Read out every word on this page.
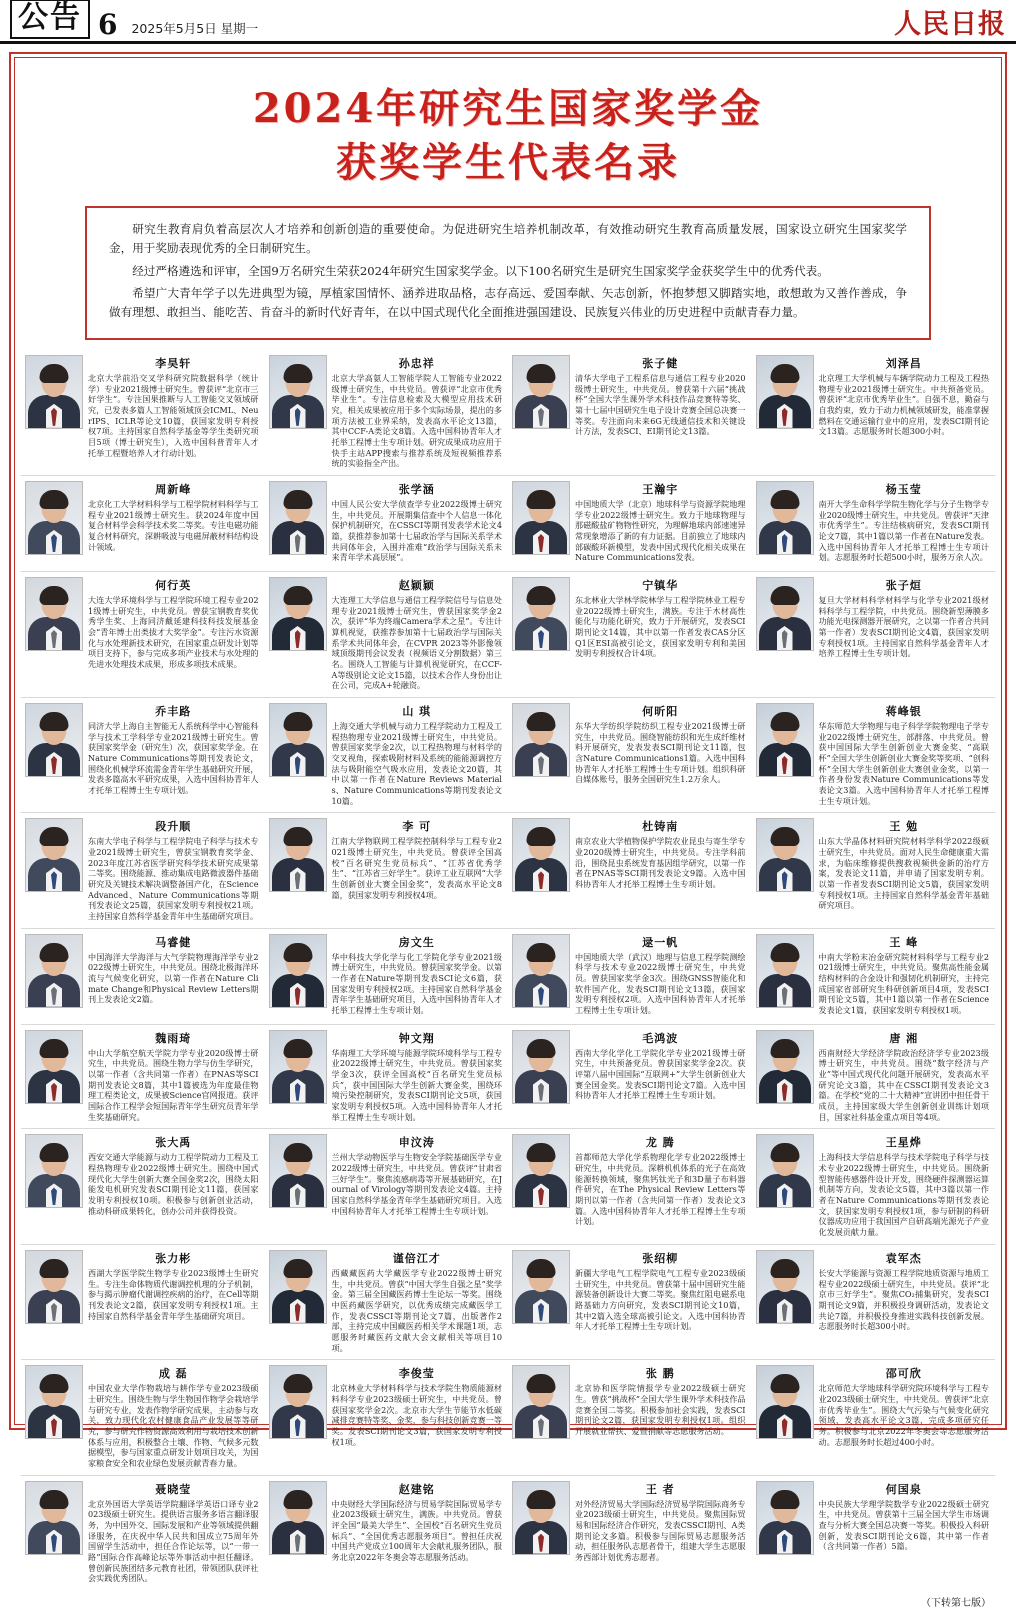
公告 6 2025年5月5日 星期一	人民日报
2024年研究生国家奖学金
获奖学生代表名录

研究生教育肩负着高层次人才培养和创新创造的重要使命。为促进研究生培养机制改革，有效推动研究生教育高质量发展，国家设立研究生国家奖学金，用于奖励表现优秀的全日制研究生。

经过严格遴选和评审，全国9万名研究生荣获2024年研究生国家奖学金。以下100名研究生是研究生国家奖学金获奖学生中的优秀代表。

希望广大青年学子以先进典型为镜，厚植家国情怀、涵养进取品格，志存高远、爱国奉献、矢志创新，怀抱梦想又脚踏实地，敢想敢为又善作善成，争做有理想、敢担当、能吃苦、肯奋斗的新时代好青年，在以中国式现代化全面推进强国建设、民族复兴伟业的历史进程中贡献青春力量。

李昊轩
北京大学前沿交叉学科研究院数据科学（统计学）专业2021级博士研究生。曾获评“北京市三好学生”。专注国果推断与人工智能交叉领域研究，已发表多篇人工智能领域顶会ICML、NeurIPS、ICLR等论文10篇，获国家发明专利授权7项。主持国家自然科学基金等学生类研究项目5项（博士研究生），入选中国科普青年人才托举工程暨培养人才行动计划。
孙忠祥
北京大学高氨人工智能学院人工智能专业2022级博士研究生，中共党员。曾获评“北京市优秀毕业生”。专注信息检索及大模型应用技术研究，相关成果被应用于多个实际场景，提出的多项方法被工业界采纳，发表高水平论文13篇，其中CCF-A类论文8篇。入选中国科协青年人才托举工程博士生专项计划。研究成果成功应用于快手主站APP搜索与推荐系统及短视频推荐系统的实验指全产出。
张子健
清华大学电子工程系信息与通信工程专业2020级博士研究生，中共党员。曾获第十六届“挑战杯”全国大学生课外学术科技作品竞赛特等奖、第十七届中国研究生电子设计竞赛全国总决赛一等奖。专注面向未来6G无线通信技术和关键设计方法，发表SCI、EI期刊论文13篇。
刘泽昌
北京理工大学机械与车辆学院动力工程及工程热物理专业2021级博士研究生。中共预备党员。曾获评“北京市优秀毕业生”。自强不息，勤奋与自我约束，致力于动力机械领域研发，能准掌握燃料在交通运输行业中的应用，发表SCI期刊论文13篇。志愿服务时长超300小时。
周新峰
北京化工大学材料科学与工程学院材料科学与工程专业2021级博士研究生。获2024年度中国复合材料学会科学技术奖二等奖。专注电磁功能复合材料研究，深耕吸波与电磁屏蔽材料结构设计领域。
张学涵
中国人民公安大学侦查学专业2022级博士研究生，中共党员。开展期集信查中个人信息一体化保护机制研究，在CSSCI等期刊发表学术论文4篇，获推荐参加第十七届政治学与国际关系学术共同体年会，入围并准难“政治学与国际关系未来青年学术高层展”。
王瀚宇
中国地质大学（北京）地球科学与资源学院地理学专业2022级博士研究生。致力于地球物理与那磁酸盐矿物物性研究，为理解地球内部速速异常现象增添了新的有力证据。目前独立了地球内部碳酸环新模型，发表中国式现代化相关成果在Nature Communications发表。
杨玉莹
南开大学生命科学学院生物化学与分子生物学专业2020级博士研究生，中共党员。曾获评“天津市优秀学生”。专注结核病研究，发表SCI期刊论文7篇，其中1篇以第一作者在Nature发表。入选中国科协青年人才托举工程博士生专项计划。志愿服务时长超500小时，服务万余人次。
何行英
大连大学环境科学与工程学院环境工程专业2021级博士研究生，中共党员。曾获宝钢教育奖优秀学生奖、上海同济戴延建科技科技发展基金会“青年博士出类拔才大奖学金”。专注污水资源化与水处理新技术研究，在国家重点研发计划等项目支持下，参与完成多项产业技术与水处理的先进水处理技术成果，形成多项技术成果。
赵颖颖
大连理工大学信息与通信工程学院信号与信息处理专业2021级博士研究生，曾获国家奖学金2次，获评“华为终端Camera学术之星”。专注计算机视觉，获推荐参加第十七届政治学与国际关系学术共同体年会，在CVPR 2023等外影像领域顶级期刊会议发表（视频语义分割数据）第三名。围绕人工智能与计算机视觉研究，在CCF-A等级别论文论文15篇，以技术合作人身份出让在公司，完成A+轮融资。
宁镇华
东北林业大学林学院林学与工程学院林业工程专业2022级博士研究生，满族。专注于木材高性能化与功能化研究，致力于开展研究，发表SCI期刊论文14篇，其中以第一作者发表CAS分区Q1区ESI高被引论文，获国家发明专利和美国发明专利授权合计4项。
张子烜
复旦大学材料科学材料学与化学专业2021级材料科学与工程学院，中共党员。围绕新型薄膜多功能光电探测器开展研究，之以第一作者合共同第一作者）发表SCI期刊论文4篇，获国家发明专利授权1项。主持国家自然科学基金青年人才培养工程博士生专项计划。
乔丰路
同济大学上海自主智能无人系统科学中心智能科学与技术工学科学专业2021级博士研究生。曾获国家奖学金（研究生）次，获国家奖学金。在Nature Communications等期刊发表论文，围绕化机械学环流需金青年学生基础研究开展，发表多篇高水平研究成果，入选中国科协青年人才托举工程博士生专项计划。
山 琪
上海交通大学机械与动力工程学院动力工程及工程热物理专业2021级博士研究生，中共党员。曾获国家奖学金2次，以工程热物理与材料学的交叉视角，探索吸附材料及系统的能能源调控方法与吸附能空气吸水应用，发表论文20篇，其中以第一作者在Nature Reviews Materials、Nature Communications等期刊发表论文10篇。
何昕阳
东华大学纺织学院纺织工程专业2021级博士研究生，中共党员。围绕智能纺织和光生成纤维材料开展研究，发表发表SCI期刊论文11篇，包含Nature Communications1篇。入选中国科协青年人才托举工程博士生专项计划。组织科研自媒体账号，服务全国研究生1.2万余人。
蒋峰银
华东师范大学物理与电子科学学院物理电子学专业2022级博士研究生，部群落、中共党员。曾获中国国际大学生创新创业大赛金奖、“高联杯”全国大学生创新创业大赛金奖等奖项、“创科杯”全国大学生创新创业大赛创业金奖，以第一作者身份发表Nature Communications等发表论文3篇。入选中国科协青年人才托举工程博士生专项计划。
段升顺
东南大学电子科学与工程学院电子科学与技术专业2021级博士研究生，曾获宝钢教育奖学金、2023年度江苏省医学研究科学技术研究成果第二等奖。围绕能源、推动集成电路微波器件基础研究及关键技术解决调整备国产化，在Science Advanced、Nature Communications等期刊发表论文25篇，获国家发明专利授权21项。主持国家自然科学基金青年中生基础研究项目。
李 可
江南大学物联网工程学院控制科学与工程专业2021级博士研究生，中共党员。曾获评全国高校“百名研究生党员标兵”、“江苏省优秀学生”、“江苏省三好学生”。获评工业互联网“大学生创新创业大赛全国金奖”，发表高水平论文8篇，获国家发明专利授权4项。
杜铸南
南京农业大学植物保护学院农业昆虫与寄生学专业2020级博士研究生，中共党员。专注学科前沿，围绕昆虫系统发育基因组学研究，以第一作者在PNAS等SCI期刊发表论文9篇。入选中国科协青年人才托举工程博士生专项计划。
王 勉
山东大学晶体材料研究院材料学科学2022级硕士研究生，中共党员。面对人民生命健康重大需求，为临床维修提供搜救视频供金新的治疗方案，发表论文11篇，并申请了国家发明专利。以第一作者发表SCI期刊论文5篇，获国家发明专利授权1项。主持国家自然科学基金青年基础研究项目。
马睿健
中国海洋大学海洋与大气学院物理海洋学专业2022级博士研究生，中共党员。围绕北极海洋环流与气候变化研究，以第一作者在Nature Climate Change和Physical Review Letters期刊上发表论文2篇。
房文生
华中科技大学化学与化工学院化学专业2021级博士研究生，中共党员。曾获国家奖学金。以第一作者在Nature等期刊发表SCI论文6篇，获国家发明专利授权2项。主持国家自然科学基金青年学生基础研究项目，入选中国科协青年人才托举工程博士生专项计划。
逯一帆
中国地质大学（武汉）地理与信息工程学院测绘科学与技术专业2022级博士研究生，中共党员。曾获国家奖学金3次。围绕GNSS智能化和软件国产化，发表SCI期刊论文13篇，获国家发明专利授权2项。入选中国科协青年人才托举工程博士生专项计划。
王 峰
中南大学粉末冶金研究院材料科学与工程专业2021级博士研究生，中共党员。聚焦高性能金属结构材料的合金设计和强韧化机制研究，主持完成国家省部研究生科研创新项目4项，发表SCI期刊论文5篇，其中1篇以第一作者在Science发表论文1篇，获国家发明专利授权1项。
魏雨琦
中山大学航空航天学院力学专业2020级博士研究生，中共党员。围绕生物力学与仿生学研究，以第一作者（含共同第一作者）在PNAS等SCI期刊发表论文8篇，其中1篇被选为年度最佳物理工程类论文，成果被Science官网报道。获评国际合作工程学会短国际青年学生研究员青年学生奖基础研究。
钟文翔
华南理工大学环境与能源学院环境科学与工程专业2022级博士研究生，中共党员。曾获国家奖学金3次，获评全国高校“百名研究生党员标兵”，获中国国际大学生创新大赛金奖，围绕环境污染控制研究，发表SCI期刊论文5项，获国家发明专利授权5项。入选中国科协青年人才托举工程博士生专项计划。
毛鸿波
西南大学化学化工学院化学专业2021级博士研究生，中共预备党员。曾获国家奖学金2次。获评第八届中国国际“互联网+”大学生创新创业大赛全国金奖。发表SCI期刊论文7篇。入选中国科协青年人才托举工程博士生专项计划。
唐 湘
西南财经大学经济学院政治经济学专业2023级博士研究生，中共党员。围绕“数字经济与产业”等中国式现代化问题开展研究，发表高水平研究论文3篇，其中在CSSCI期刊发表论文3篇。在学校“党的二十大精神”宣讲团中担任骨干成员，主持国家级大学生创新创业训练计划项目，国家社科基金重点项目等4项。
张大禹
西安交通大学能源与动力工程学院动力工程及工程热物理专业2022级博士研究生。围绕中国式现代化大学生创新大赛全国金奖2次，围绕太阳能发电机研究发表SCI期刊论文11篇，获国家发明专利授权10项。积极参与创新创业活动，推动科研成果转化，创办公司并获得投资。
申汶涛
兰州大学动物医学与生物安全学院基础医学专业2022级博士研究生，中共党员。曾获评“甘肃省三好学生”。聚焦流感病毒等开展基础研究，在Journal of Virology等期刊发表论文4篇。主持国家自然科学基金青年学生基础研究项目。入选中国科协青年人才托举工程博士生专项计划。
龙 腾
首都师范大学化学系物理化学专业2022级博士研究生，中共党员。深耕机机体系的光子在高效能源转换领域，聚焦钙钛光子和3D量子布料器件研究，在The Physical Review Letters等期刊以第一作者（含共同第一作者）发表论文3篇。入选中国科协青年人才托举工程博士生专项计划。
王星烨
上海科技大学信息科学与技术学院电子科学与技术专业2022级博士研究生，中共党员。围绕新型智能传感器件设计开发，围绕硬件探测器运算机制等方向，发表论文5篇，其中3篇以第一作者在Nature Communications等期刊发表论文，获国家发明专利授权1项，参与研制的科研仪器成功应用于我国国产自研高端光源光子产业化发展贡献力量。
张力彬
西湖大学医学院生物学专业2023级博士生研究生。专注生命体物质代谢调控机理的分子机制，参与揭示肿瘤代谢调控疾病的治疗，在Cell等期刊发表论文2篇，获国家发明专利授权1项。主持国家自然科学基金青年学生基础研究项目。
谨倍江才
西藏藏医药大学藏医学专业2022级博士研究生，中共党员。曾获“中国大学生自强之星”奖学金。第三届全国藏医药博士生论坛一等奖。围绕中医药藏医学研究，以优秀成绩完成藏医学工作，发表CSSCI等期刊论文7篇，出版著作2部，主持完成中国藏医药相关学术课题1项，志愿服务时藏医药文献大会文献相关等项目10项。
张绍柳
新疆大学电气工程学院电气工程专业2023级硕士研究生，中共党员。曾获第十届中国研究生能源装备创新设计大赛二等奖。聚焦红阻电磁系电路基础力方向研究，发表SCI期刊论文10篇，其中2篇入选全球高被引论文。入选中国科协青年人才托举工程博士生专项计划。
袁军杰
长安大学能源与资源工程学院地质资源与地质工程专业2022级硕士研究生，中共党员。获评“北京市三好学生”。聚焦CO₂捕集研究，发表SCI期刊论文9篇，并积极投身调研活动，发表论文共论7篇，并积极投身推进实践科技创新发展。志愿服务时长超300小时。
成 磊
中国农业大学作物栽培与耕作学专业2023级硕士研究生。围绕生物与学生物国作物学会栽培学与研究专业，发表作物学研究成果，主动参与攻关，致力现代化农村健康食品产业发展等等研究，参与研究作物资源高效利用与栽培技术创新体系与应用，积极整合土壤、作物、气候多元数据模型，参与国家重点研发计划项目攻关，为国家粮食安全和农业绿色发展贡献青春力量。
李俊莹
北京林业大学材料科学与技术学院生物质能源材料科学专业2023级硕士研究生，中共党员。曾获国家奖学金2次。北京市大学生节能节水低碳减排竞赛特等奖、金奖，参与科技创新竞赛一等奖。发表SCI期刊论文3篇，获国家发明专利授权1项。
张 鹏
北京协和医学院情报学专业2022级硕士研究生。曾获“挑战杯”全国大学生课外学术科技作品竞赛全国二等奖。积极参加社会实践，发表SCI期刊论文2篇，获国家发明专利授权1项。组织开展就业帮扶、爱暨捐献等志愿服务活动。
邵可欣
北京师范大学地球科学研究院环境科学与工程专业2023级硕士研究生，中共党员。曾获评“北京市优秀毕业生”。围绕大气污染与气候变化研究领域，发表高水平论文3篇，完成多项研究任务。积极参与北京2022年冬奥会等志愿服务活动。志愿服务时长超过400小时。
聂晓莹
北京外国语大学英语学院翻译学英语口译专业2023级硕士研究生。提供语言服务多语言翻译服务，为中国外交、国际发展和产业等领域提供翻译服务，在庆祝中华人民共和国成立75周年外国留学生活动中，担任合作论坛等，以“一带一路”国际合作高峰论坛等外事活动中担任翻译。曾创新民族团结多元教育社团，带领团队获评社会实践优秀团队。
赵建铭
中央财经大学国际经济与贸易学院国际贸易学专业2023级硕士研究生，满族。中共党员。曾获评全国“最美大学生”、全国校“百名研究生党员标兵”、“全国优秀志愿服务项目”。曾担任庆祝中国共产党成立100周年大会献礼服务团队，服务北京2022年冬奥会等志愿服务活动。
王 者
对外经济贸易大学国际经济贸易学院国际商务专业2023级硕士研究生，中共党员。聚焦国际贸易和国际经济合作研究，发表CSSCI期刊、A类期刊论文多篇。积极参与国际贸易志愿服务活动，担任服务队志愿者骨干，组建大学生志愿服务西部计划优秀志愿者。
何国泉
中央民族大学理学院数学专业2022级硕士研究生，中共党员。曾获第十三届全国大学生市场调查与分析大赛全国总决赛一等奖。积极投入科研创新，发表SCI期刊论文6篇，其中第一作者（含共同第一作者）5篇。
（下转第七版）
